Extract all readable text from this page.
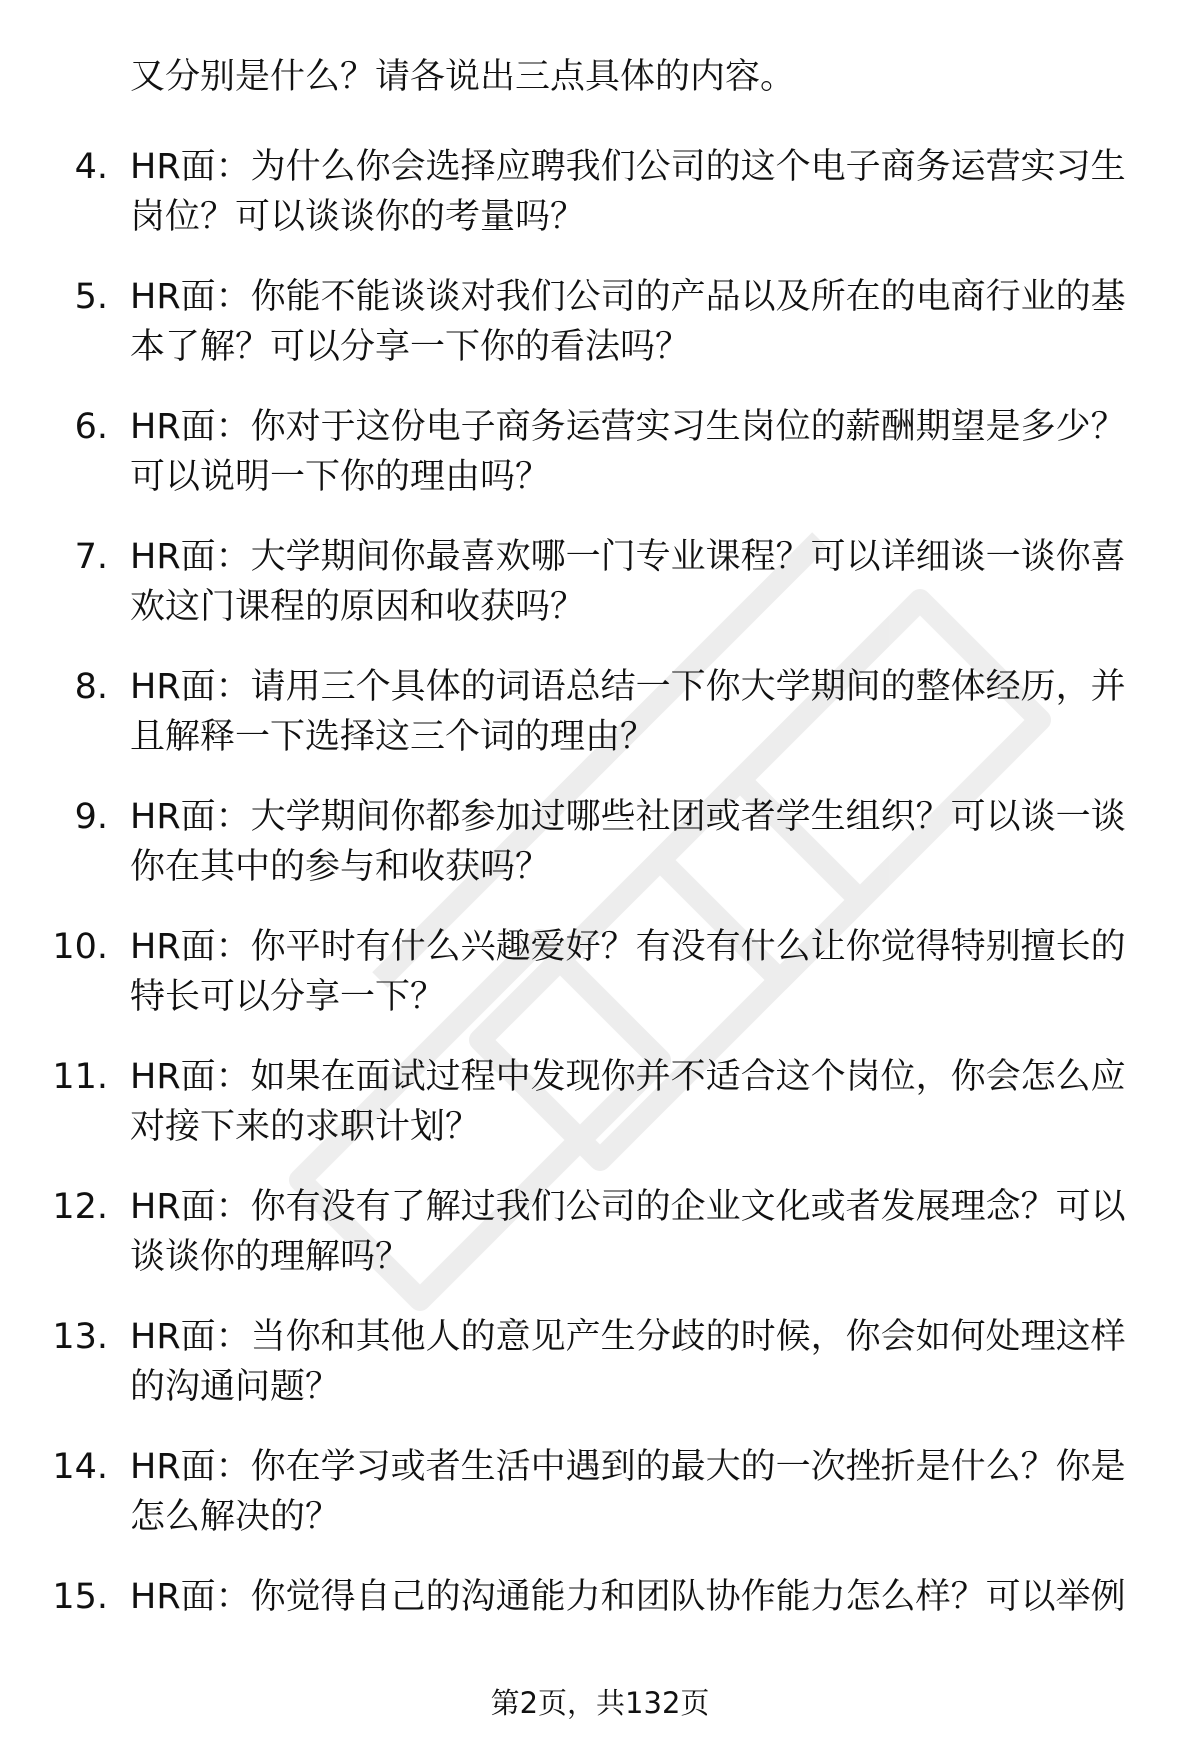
又分别是什么？请各说出三点具体的内容。
4. HR面：为什么你会选择应聘我们公司的这个电子商务运营实习生
岗位？可以谈谈你的考量吗？
5. HR面：你能不能谈谈对我们公司的产品以及所在的电商行业的基
本了解？可以分享一下你的看法吗？
6. HR面：你对于这份电子商务运营实习生岗位的薪酬期望是多少？
可以说明一下你的理由吗？
7. HR面：大学期间你最喜欢哪一门专业课程？可以详细谈一谈你喜
欢这门课程的原因和收获吗？
8. HR面：请用三个具体的词语总结一下你大学期间的整体经历，并
且解释一下选择这三个词的理由？
9. HR面：大学期间你都参加过哪些社团或者学生组织？可以谈一谈
你在其中的参与和收获吗？
10. HR面：你平时有什么兴趣爱好？有没有什么让你觉得特别擅长的
特长可以分享一下？
11. HR面：如果在面试过程中发现你并不适合这个岗位，你会怎么应
对接下来的求职计划？
12. HR面：你有没有了解过我们公司的企业文化或者发展理念？可以
谈谈你的理解吗？
13. HR面：当你和其他人的意见产生分歧的时候，你会如何处理这样
的沟通问题？
14. HR面：你在学习或者生活中遇到的最大的一次挫折是什么？你是
怎么解决的？
15. HR面：你觉得自己的沟通能力和团队协作能力怎么样？可以举例
第2页，共132页
